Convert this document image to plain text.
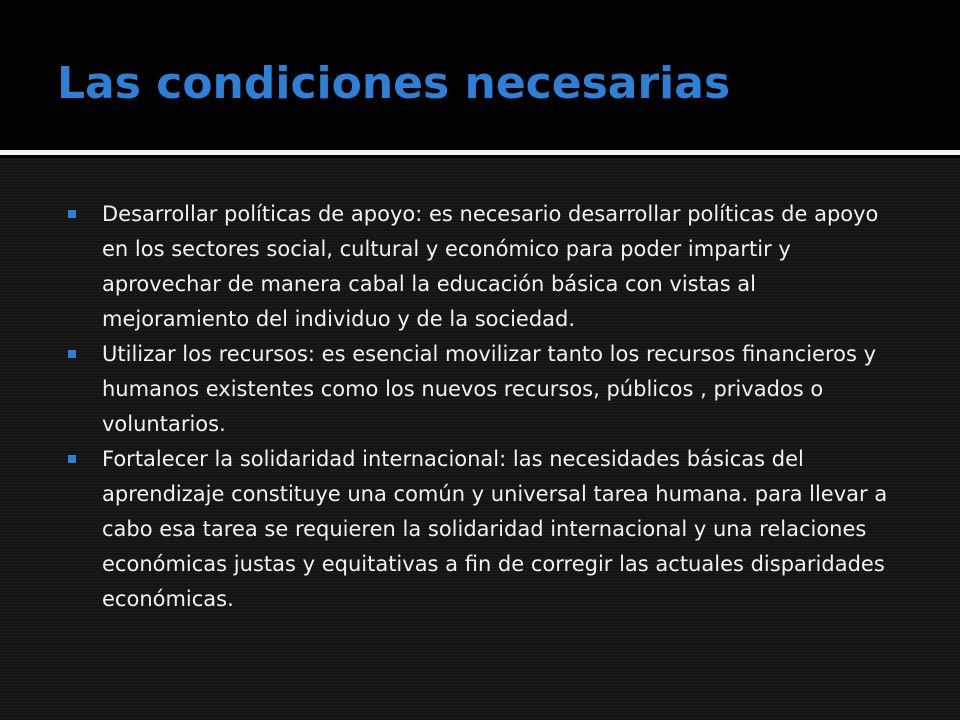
Las condiciones necesarias
Desarrollar políticas de apoyo: es necesario desarrollar políticas de apoyo en los sectores social, cultural y económico para poder impartir y aprovechar de manera cabal la educación básica con vistas al mejoramiento del individuo y de la sociedad.
Utilizar los recursos: es esencial movilizar tanto los recursos financieros y humanos existentes como los nuevos recursos, públicos , privados o voluntarios.
Fortalecer la solidaridad internacional: las necesidades básicas del aprendizaje constituye una común y universal tarea humana. para llevar a cabo esa tarea se requieren la solidaridad internacional y una relaciones económicas justas y equitativas a fin de corregir las actuales disparidades económicas.
